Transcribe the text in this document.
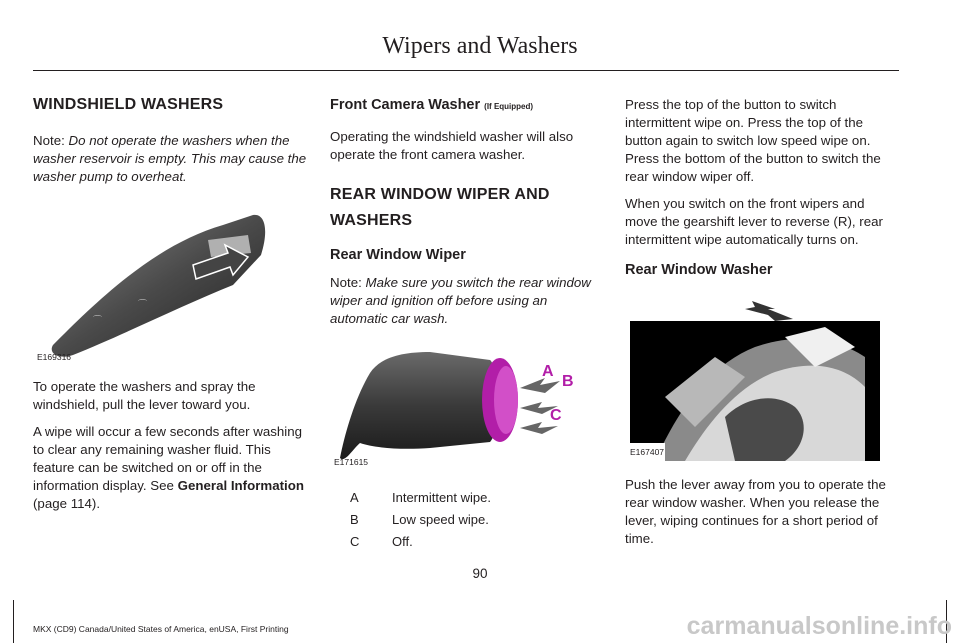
Wipers and Washers
WINDSHIELD WASHERS

Note: Do not operate the washers when the washer reservoir is empty. This may cause the washer pump to overheat.

⌒
⌒
E169316

To operate the washers and spray the windshield, pull the lever toward you.

A wipe will occur a few seconds after washing to clear any remaining washer fluid. This feature can be switched on or off in the information display. See General Information (page 114).

Front Camera Washer (If Equipped)

Operating the windshield washer will also operate the front camera washer.

REAR WINDOW WIPER AND
WASHERS
Rear Window Wiper

Note: Make sure you switch the rear window wiper and ignition off before using an automatic car wash.

A
B
C
E171615
A	Intermittent wipe.
B	Low speed wipe.
C	Off.

Press the top of the button to switch intermittent wipe on. Press the top of the button again to switch low speed wipe on. Press the bottom of the button to switch the rear window wiper off.

When you switch on the front wipers and move the gearshift lever to reverse (R), rear intermittent wipe automatically turns on.

Rear Window Washer
E167407

Push the lever away from you to operate the rear window washer. When you release the lever, wiping continues for a short period of time.

90
MKX (CD9) Canada/United States of America, enUSA, First Printing	carmanualsonline.info
